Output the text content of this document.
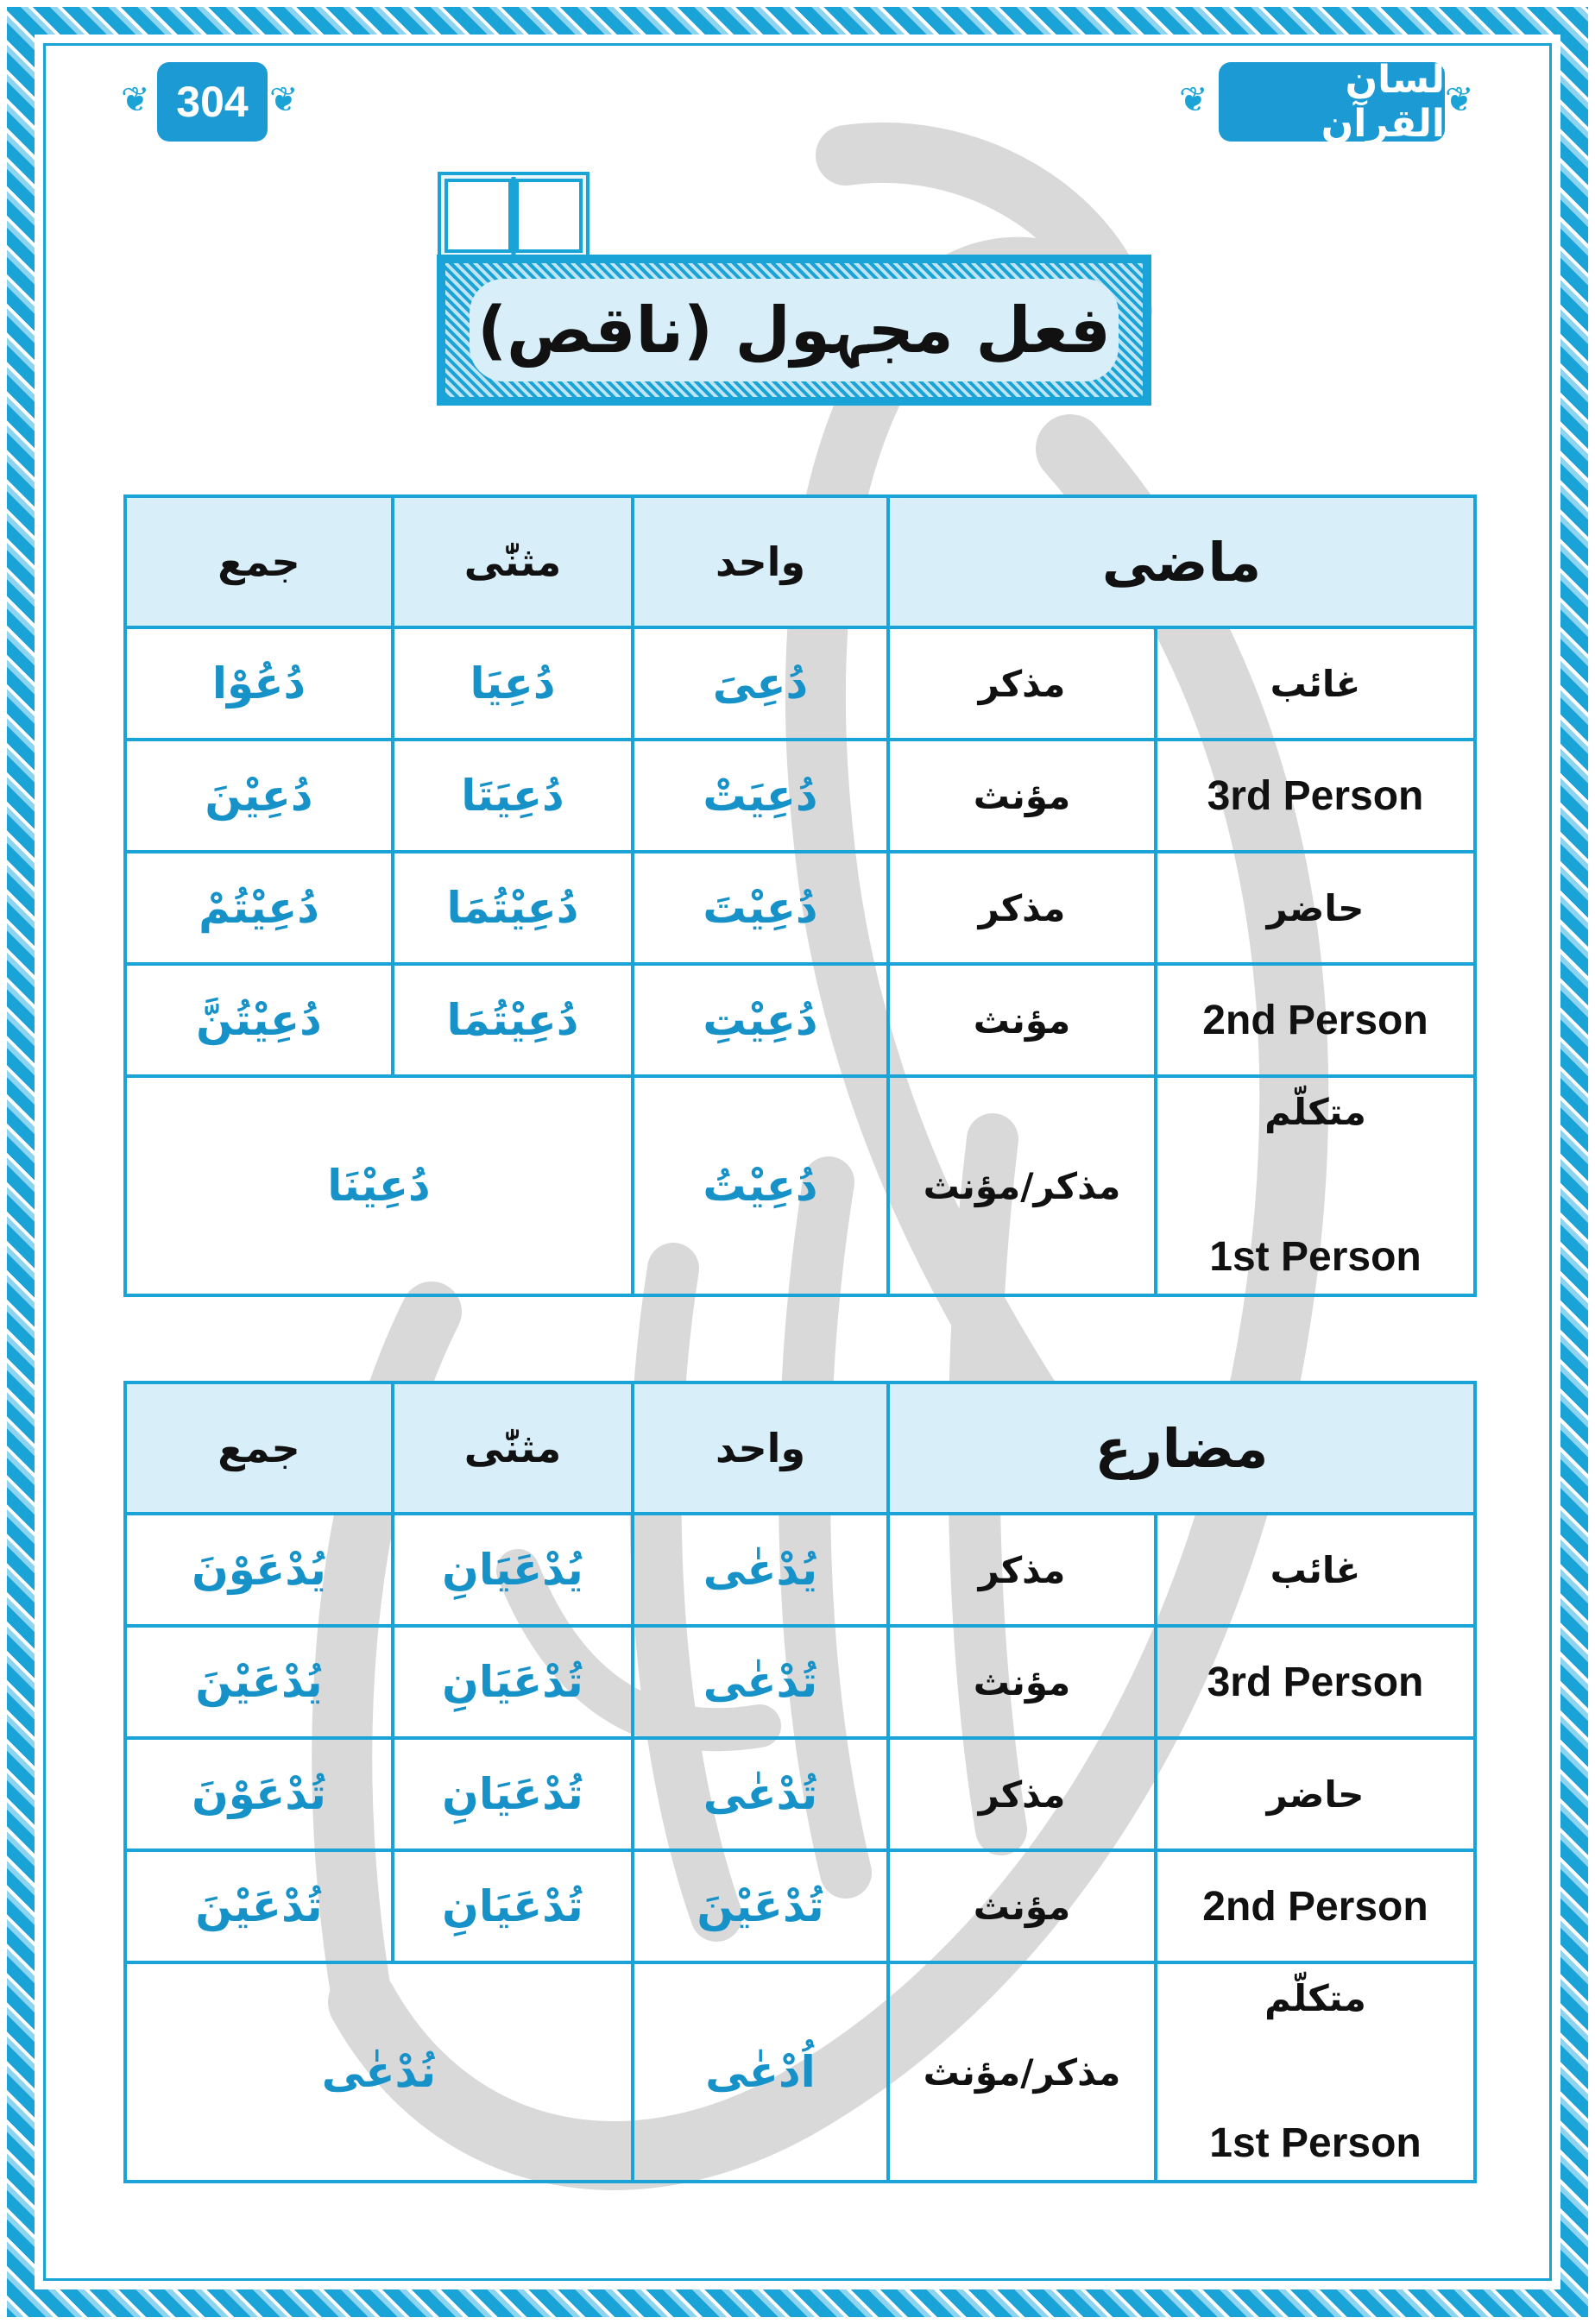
❦ 304 ❦	❦	لسان القرآن
❦
فعل مجہول (ناقص)
جمع	مثنّٰی	واحد	ماضی	
دُعُوْا	دُعِیَا	دُعِیَ	مذکر	غائب
دُعِیْنَ	دُعِیَتَا	دُعِیَتْ	مؤنث	3rd Person

دُعِیْتُمْ	دُعِیْتُمَا	دُعِیْتَ	مذکر	حاضر
دُعِیْتُنَّ	دُعِیْتُمَا	دُعِیْتِ	مؤنث	2nd Person

دُعِیْنَا		دُعِیْتُ	مذکر/مؤنث	متکلّم
1st Person
جمع	مثنّٰی	واحد	مضارع	
یُدْعَوْنَ	یُدْعَیَانِ	یُدْعٰی	مذکر	غائب
یُدْعَیْنَ	تُدْعَیَانِ	تُدْعٰی	مؤنث	3rd Person

تُدْعَوْنَ	تُدْعَیَانِ	تُدْعٰی	مذکر	حاضر
تُدْعَیْنَ	تُدْعَیَانِ	تُدْعَیْنَ	مؤنث	2nd Person

نُدْعٰی		اُدْعٰی	مذکر/مؤنث	متکلّم
1st Person
